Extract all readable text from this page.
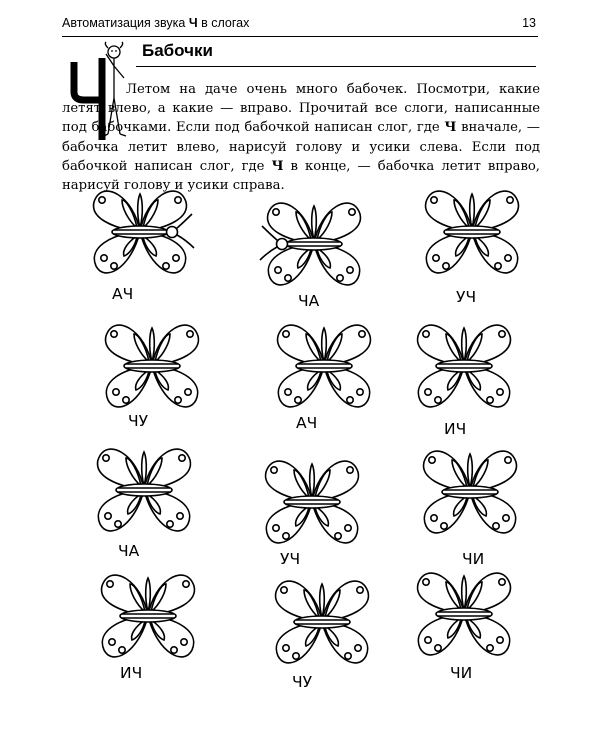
Автоматизация звука Ч в слогах	13
Бабочки

Летом на даче очень много бабочек. Посмотри, какие летят влево, а какие — вправо. Прочитай все слоги, написанные под бабочками. Если под бабочкой написан слог, где Ч вначале, — бабочка летит влево, нарисуй голову и усики слева. Если под бабочкой написан слог, где Ч в конце, — бабочка летит вправо, нарисуй голову и усики справа.

АЧ	ЧА	УЧ
ЧУ	АЧ	ИЧ
ЧА	УЧ	ЧИ
ИЧ	ЧУ	ЧИ
